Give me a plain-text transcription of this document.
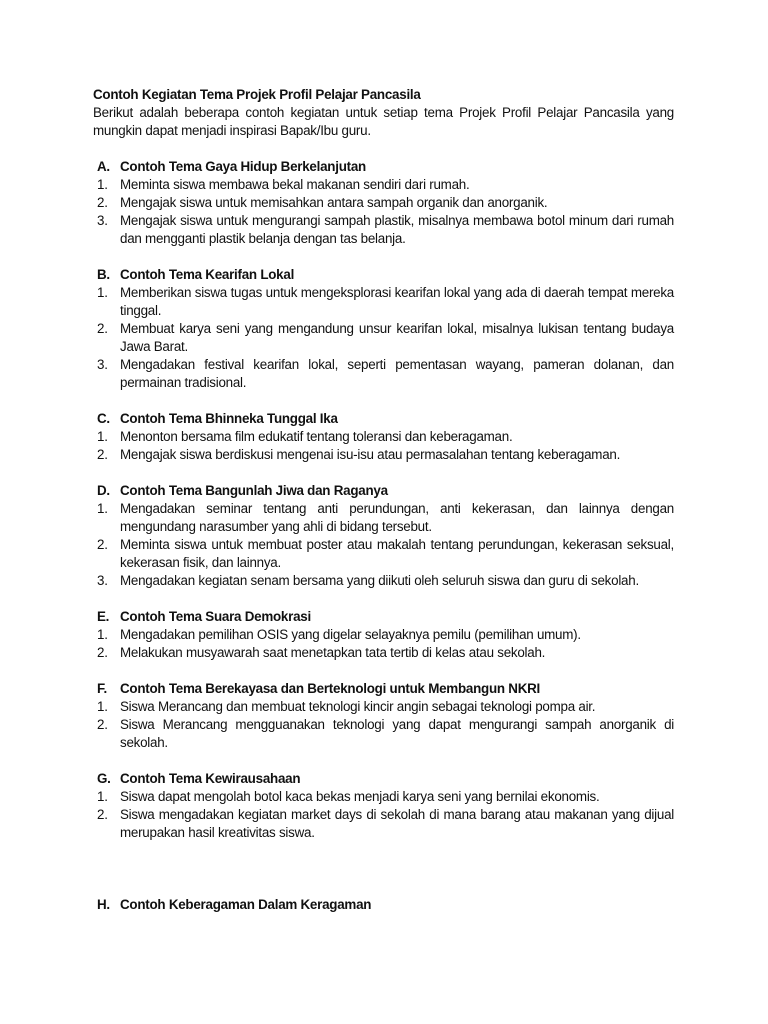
Contoh Kegiatan Tema Projek Profil Pelajar Pancasila

Berikut adalah beberapa contoh kegiatan untuk setiap tema Projek Profil Pelajar Pancasila yang mungkin dapat menjadi inspirasi Bapak/Ibu guru.

A. Contoh Tema Gaya Hidup Berkelanjutan
1. Meminta siswa membawa bekal makanan sendiri dari rumah.
2. Mengajak siswa untuk memisahkan antara sampah organik dan anorganik.
3. Mengajak siswa untuk mengurangi sampah plastik, misalnya membawa botol minum dari rumah dan mengganti plastik belanja dengan tas belanja.
B. Contoh Tema Kearifan Lokal
1. Memberikan siswa tugas untuk mengeksplorasi kearifan lokal yang ada di daerah tempat mereka tinggal.
2. Membuat karya seni yang mengandung unsur kearifan lokal, misalnya lukisan tentang budaya Jawa Barat.
3. Mengadakan festival kearifan lokal, seperti pementasan wayang, pameran dolanan, dan permainan tradisional.
C. Contoh Tema Bhinneka Tunggal Ika
1. Menonton bersama film edukatif tentang toleransi dan keberagaman.
2. Mengajak siswa berdiskusi mengenai isu-isu atau permasalahan tentang keberagaman.
D. Contoh Tema Bangunlah Jiwa dan Raganya
1. Mengadakan seminar tentang anti perundungan, anti kekerasan, dan lainnya dengan mengundang narasumber yang ahli di bidang tersebut.
2. Meminta siswa untuk membuat poster atau makalah tentang perundungan, kekerasan seksual, kekerasan fisik, dan lainnya.
3. Mengadakan kegiatan senam bersama yang diikuti oleh seluruh siswa dan guru di sekolah.
E. Contoh Tema Suara Demokrasi
1. Mengadakan pemilihan OSIS yang digelar selayaknya pemilu (pemilihan umum).
2. Melakukan musyawarah saat menetapkan tata tertib di kelas atau sekolah.
F. Contoh Tema Berekayasa dan Berteknologi untuk Membangun NKRI
1. Siswa Merancang dan membuat teknologi kincir angin sebagai teknologi pompa air.
2. Siswa Merancang mengguanakan teknologi yang dapat mengurangi sampah anorganik di sekolah.
G. Contoh Tema Kewirausahaan
1. Siswa dapat mengolah botol kaca bekas menjadi karya seni yang bernilai ekonomis.
2. Siswa mengadakan kegiatan market days di sekolah di mana barang atau makanan yang dijual merupakan hasil kreativitas siswa.
H. Contoh Keberagaman Dalam Keragaman
